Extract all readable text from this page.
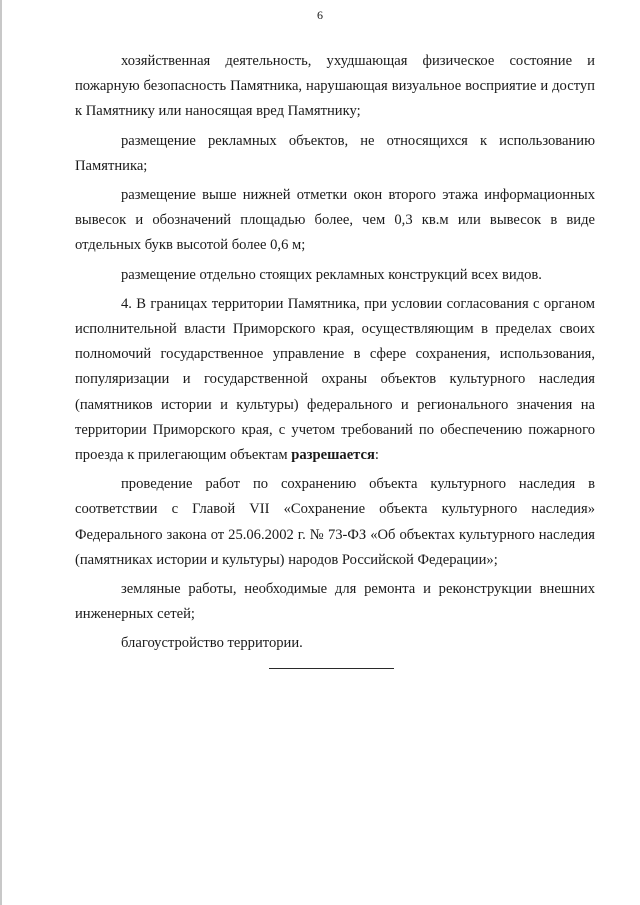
6

хозяйственная деятельность, ухудшающая физическое состояние и пожарную безопасность Памятника, нарушающая визуальное восприятие и доступ к Памятнику или наносящая вред Памятнику;

размещение рекламных объектов, не относящихся к использованию Памятника;

размещение выше нижней отметки окон второго этажа информационных вывесок и обозначений площадью более, чем 0,3 кв.м или вывесок в виде отдельных букв высотой более 0,6 м;

размещение отдельно стоящих рекламных конструкций всех видов.

4. В границах территории Памятника, при условии согласования с органом исполнительной власти Приморского края, осуществляющим в пределах своих полномочий государственное управление в сфере сохранения, использования, популяризации и государственной охраны объектов культурного наследия (памятников истории и культуры) федерального и регионального значения на территории Приморского края, с учетом требований по обеспечению пожарного проезда к прилегающим объектам разрешается:

проведение работ по сохранению объекта культурного наследия в соответствии с Главой VII «Сохранение объекта культурного наследия» Федерального закона от 25.06.2002 г. № 73-ФЗ «Об объектах культурного наследия (памятниках истории и культуры) народов Российской Федерации»;

земляные работы, необходимые для ремонта и реконструкции внешних инженерных сетей;

благоустройство территории.
